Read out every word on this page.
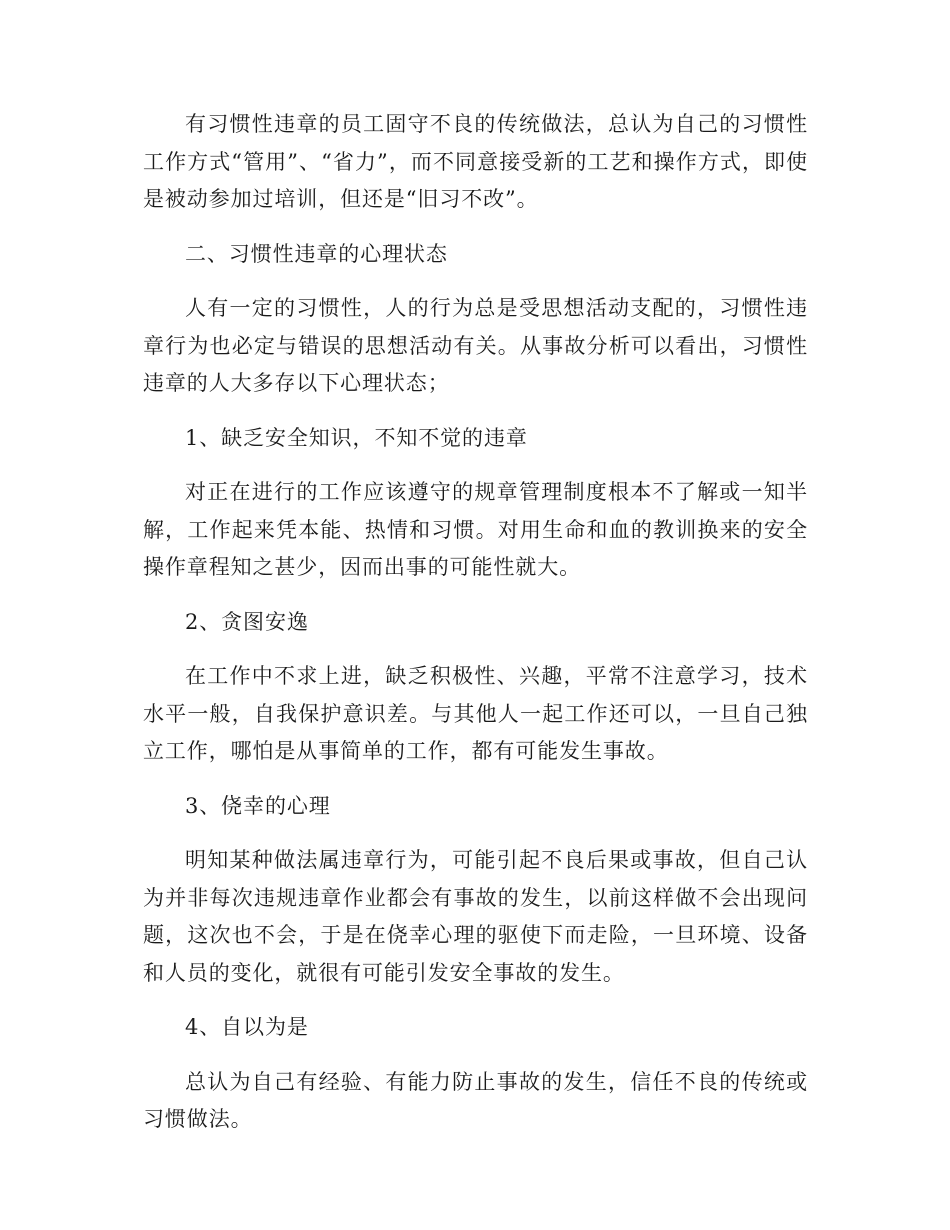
有习惯性违章的员工固守不良的传统做法，总认为自己的习惯性工作方式“管用”、“省力”，而不同意接受新的工艺和操作方式，即使是被动参加过培训，但还是“旧习不改”。

二、习惯性违章的心理状态

人有一定的习惯性，人的行为总是受思想活动支配的，习惯性违章行为也必定与错误的思想活动有关。从事故分析可以看出，习惯性违章的人大多存以下心理状态；

1、缺乏安全知识，不知不觉的违章

对正在进行的工作应该遵守的规章管理制度根本不了解或一知半解，工作起来凭本能、热情和习惯。对用生命和血的教训换来的安全操作章程知之甚少，因而出事的可能性就大。

2、贪图安逸

在工作中不求上进，缺乏积极性、兴趣，平常不注意学习，技术水平一般，自我保护意识差。与其他人一起工作还可以，一旦自己独立工作，哪怕是从事简单的工作，都有可能发生事故。

3、侥幸的心理

明知某种做法属违章行为，可能引起不良后果或事故，但自己认为并非每次违规违章作业都会有事故的发生，以前这样做不会出现问题，这次也不会，于是在侥幸心理的驱使下而走险，一旦环境、设备和人员的变化，就很有可能引发安全事故的发生。

4、自以为是

总认为自己有经验、有能力防止事故的发生，信任不良的传统或习惯做法。
